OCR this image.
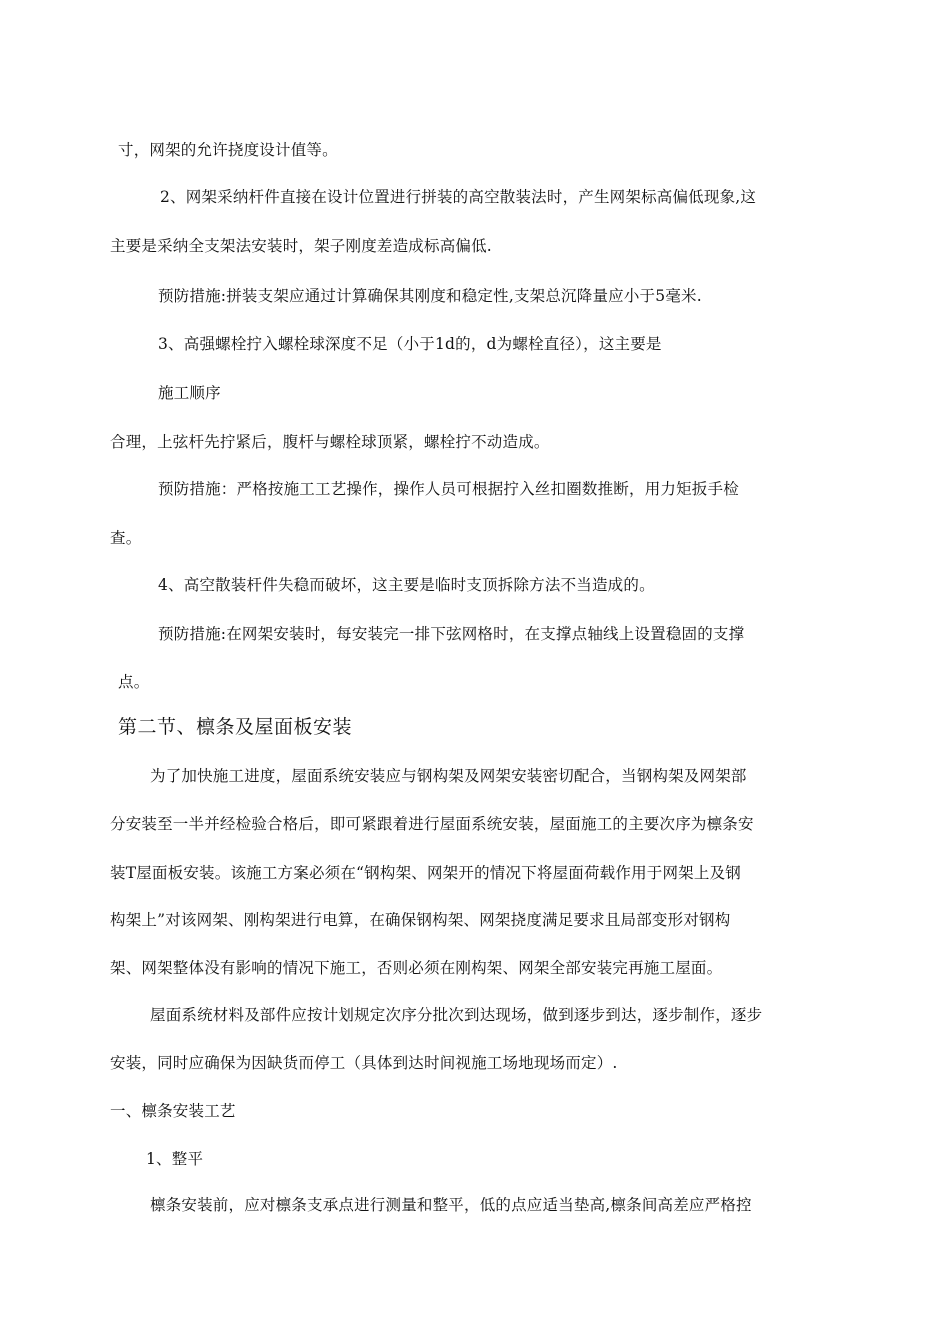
寸，网架的允许挠度设计值等。
2、网架采纳杆件直接在设计位置进行拼装的高空散装法时，产生网架标高偏低现象,这
主要是采纳全支架法安装时，架子刚度差造成标高偏低.
预防措施:拼装支架应通过计算确保其刚度和稳定性,支架总沉降量应小于5毫米.
3、高强螺栓拧入螺栓球深度不足（小于1d的，d为螺栓直径），这主要是
施工顺序
合理，上弦杆先拧紧后，腹杆与螺栓球顶紧，螺栓拧不动造成。
预防措施：严格按施工工艺操作，操作人员可根据拧入丝扣圈数推断，用力矩扳手检
查。
4、高空散装杆件失稳而破坏，这主要是临时支顶拆除方法不当造成的。
预防措施:在网架安装时，每安装完一排下弦网格时，在支撑点轴线上设置稳固的支撑
点。
第二节、檩条及屋面板安装
为了加快施工进度，屋面系统安装应与钢构架及网架安装密切配合，当钢构架及网架部
分安装至一半并经检验合格后，即可紧跟着进行屋面系统安装，屋面施工的主要次序为檩条安
装T屋面板安装。该施工方案必须在“钢构架、网架开的情况下将屋面荷载作用于网架上及钢
构架上”对该网架、刚构架进行电算，在确保钢构架、网架挠度满足要求且局部变形对钢构
架、网架整体没有影响的情况下施工，否则必须在刚构架、网架全部安装完再施工屋面。
屋面系统材料及部件应按计划规定次序分批次到达现场，做到逐步到达，逐步制作，逐步
安装，同时应确保为因缺货而停工（具体到达时间视施工场地现场而定）.
一、檩条安装工艺
1、整平
檩条安装前，应对檩条支承点进行测量和整平，低的点应适当垫高,檩条间高差应严格控
